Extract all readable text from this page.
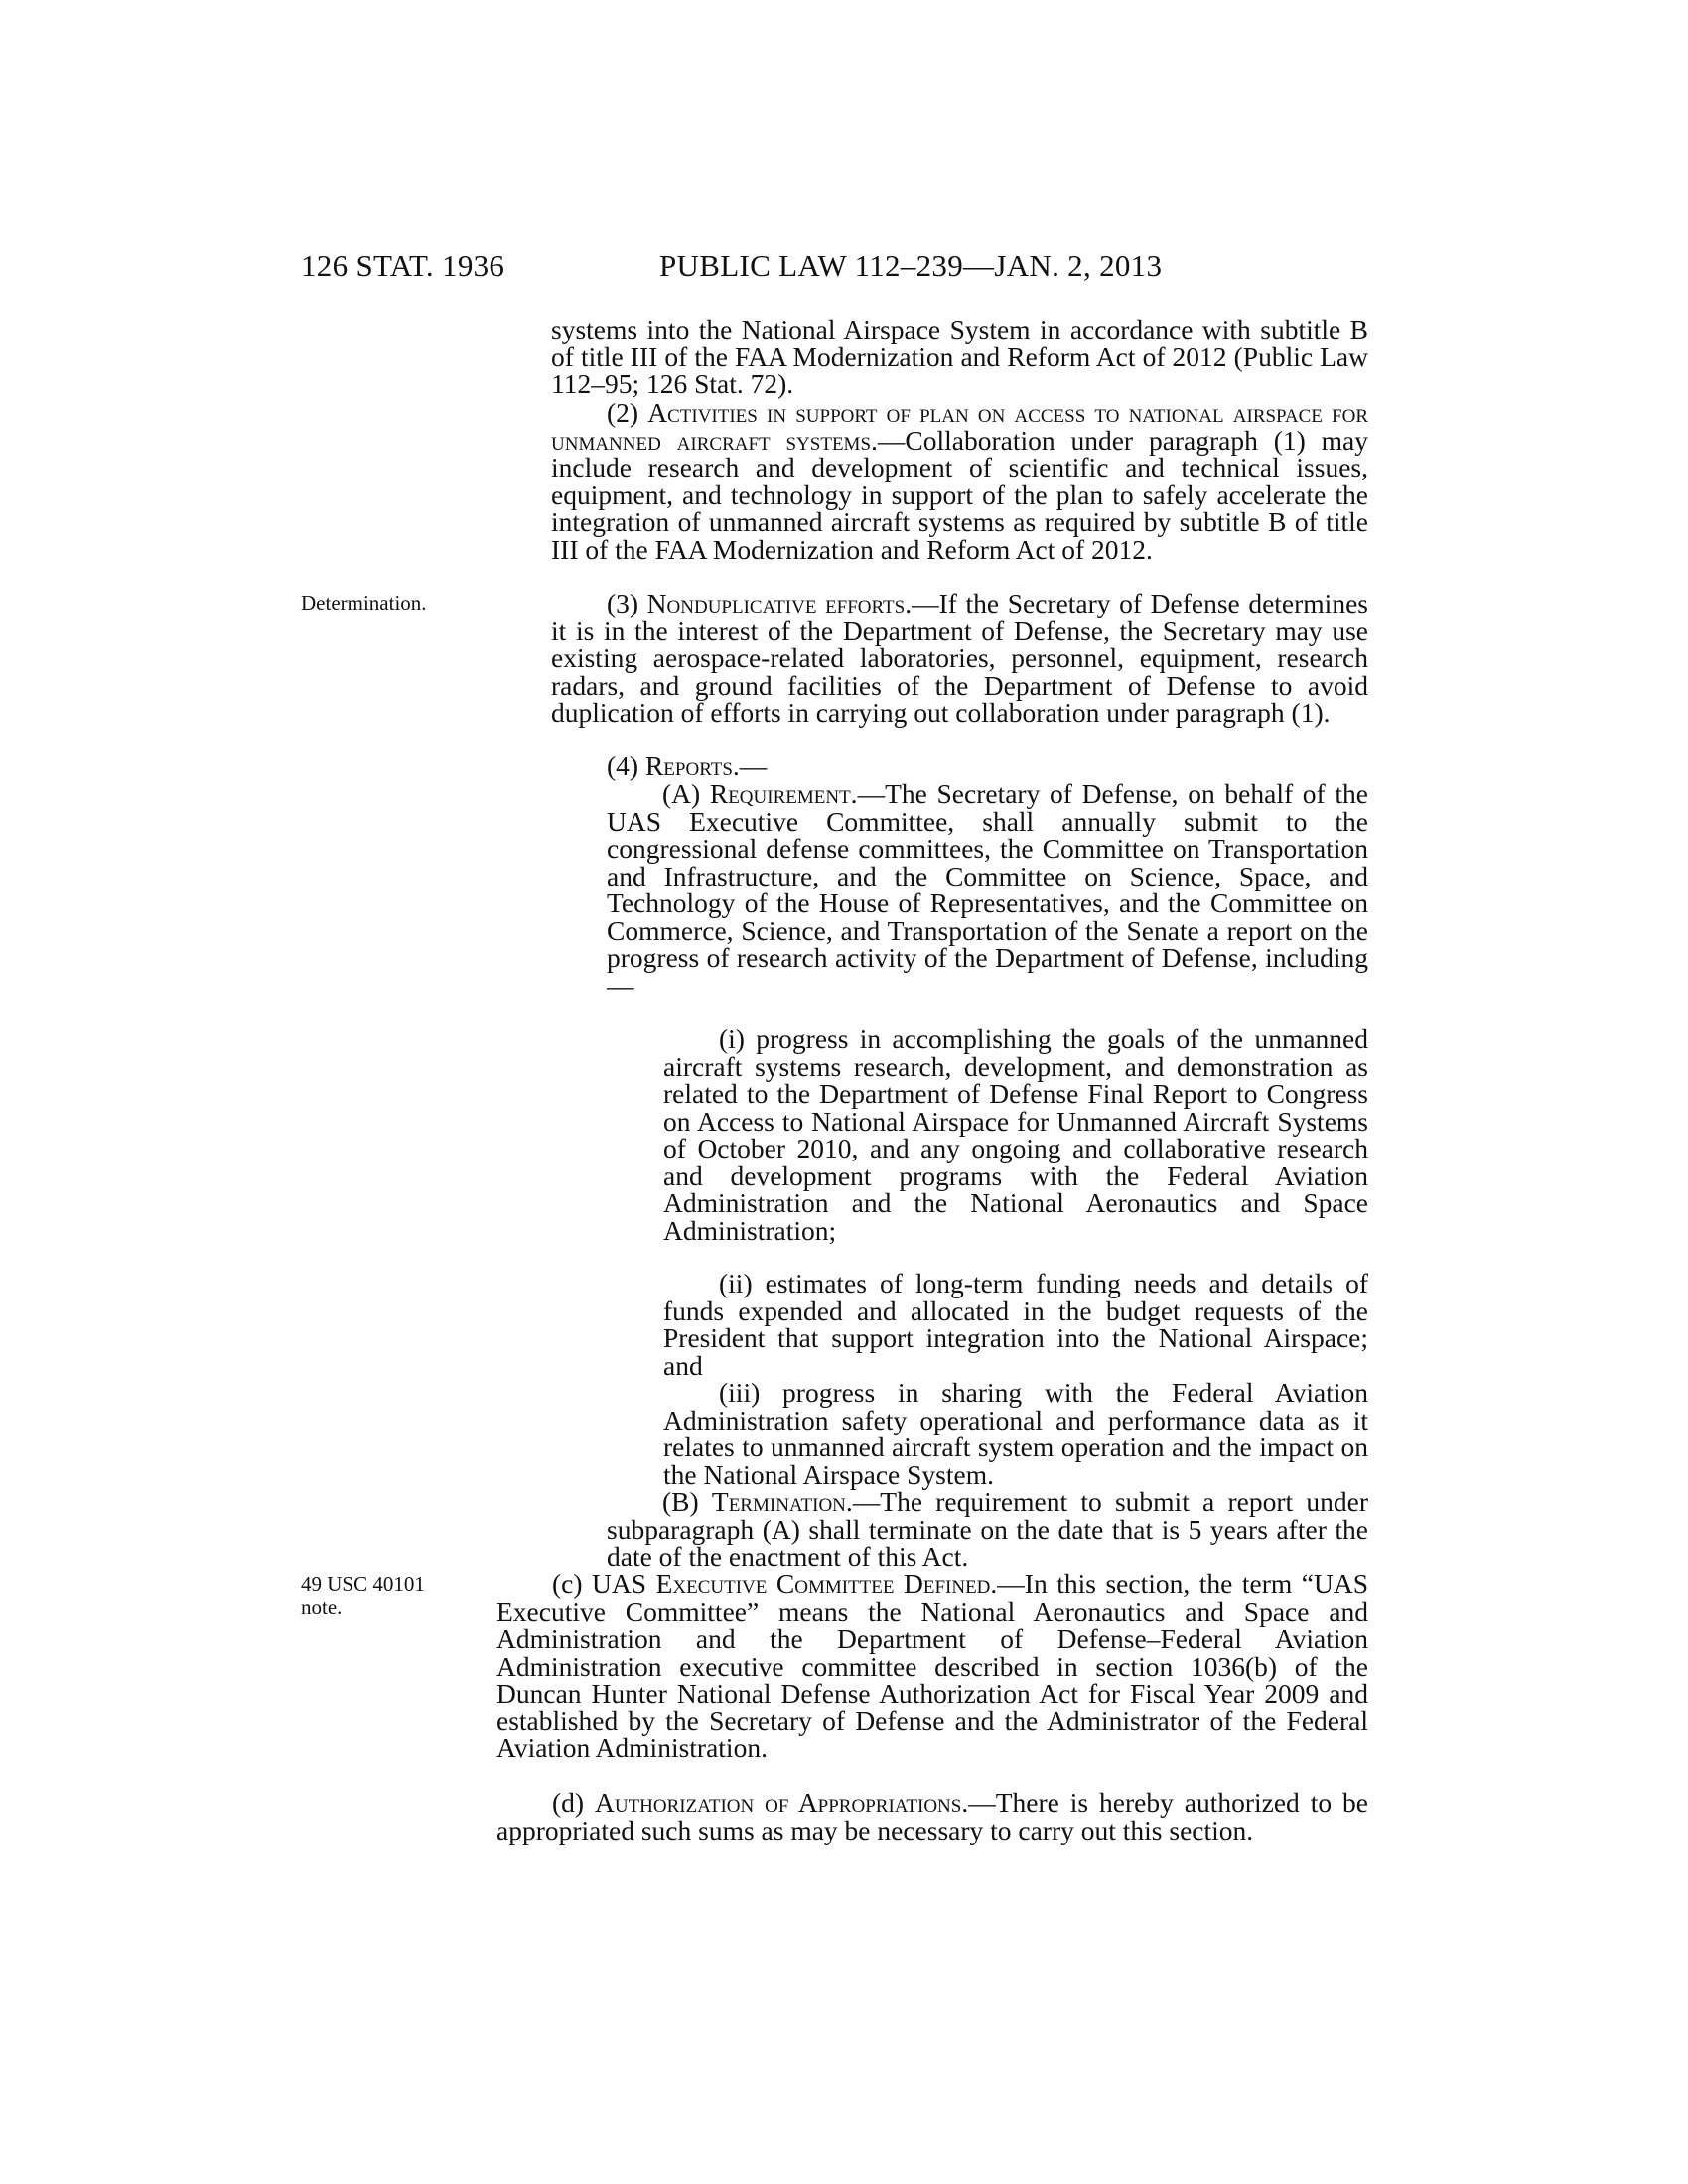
126 STAT. 1936	PUBLIC LAW 112–239—JAN. 2, 2013
Determination.
49 USC 40101
note.

systems into the National Airspace System in accordance with subtitle B of title III of the FAA Modernization and Reform Act of 2012 (Public Law 112–95; 126 Stat. 72).

(2) Activities in support of plan on access to national airspace for unmanned aircraft systems.—Collaboration under paragraph (1) may include research and development of scientific and technical issues, equipment, and technology in support of the plan to safely accelerate the integration of unmanned aircraft systems as required by subtitle B of title III of the FAA Modernization and Reform Act of 2012.

(3) Nonduplicative efforts.—If the Secretary of Defense determines it is in the interest of the Department of Defense, the Secretary may use existing aerospace-related laboratories, personnel, equipment, research radars, and ground facilities of the Department of Defense to avoid duplication of efforts in carrying out collaboration under paragraph (1).

(4) Reports.—

(A) Requirement.—The Secretary of Defense, on behalf of the UAS Executive Committee, shall annually submit to the congressional defense committees, the Committee on Transportation and Infrastructure, and the Committee on Science, Space, and Technology of the House of Representatives, and the Committee on Commerce, Science, and Transportation of the Senate a report on the progress of research activity of the Department of Defense, including—

(i) progress in accomplishing the goals of the unmanned aircraft systems research, development, and demonstration as related to the Department of Defense Final Report to Congress on Access to National Airspace for Unmanned Aircraft Systems of October 2010, and any ongoing and collaborative research and development programs with the Federal Aviation Administration and the National Aeronautics and Space Administration;

(ii) estimates of long-term funding needs and details of funds expended and allocated in the budget requests of the President that support integration into the National Airspace; and

(iii) progress in sharing with the Federal Aviation Administration safety operational and performance data as it relates to unmanned aircraft system operation and the impact on the National Airspace System.

(B) Termination.—The requirement to submit a report under subparagraph (A) shall terminate on the date that is 5 years after the date of the enactment of this Act.

(c) UAS Executive Committee Defined.—In this section, the term “UAS Executive Committee” means the National Aeronautics and Space and Administration and the Department of Defense–Federal Aviation Administration executive committee described in section 1036(b) of the Duncan Hunter National Defense Authorization Act for Fiscal Year 2009 and established by the Secretary of Defense and the Administrator of the Federal Aviation Administration.

(d) Authorization of Appropriations.—There is hereby authorized to be appropriated such sums as may be necessary to carry out this section.
